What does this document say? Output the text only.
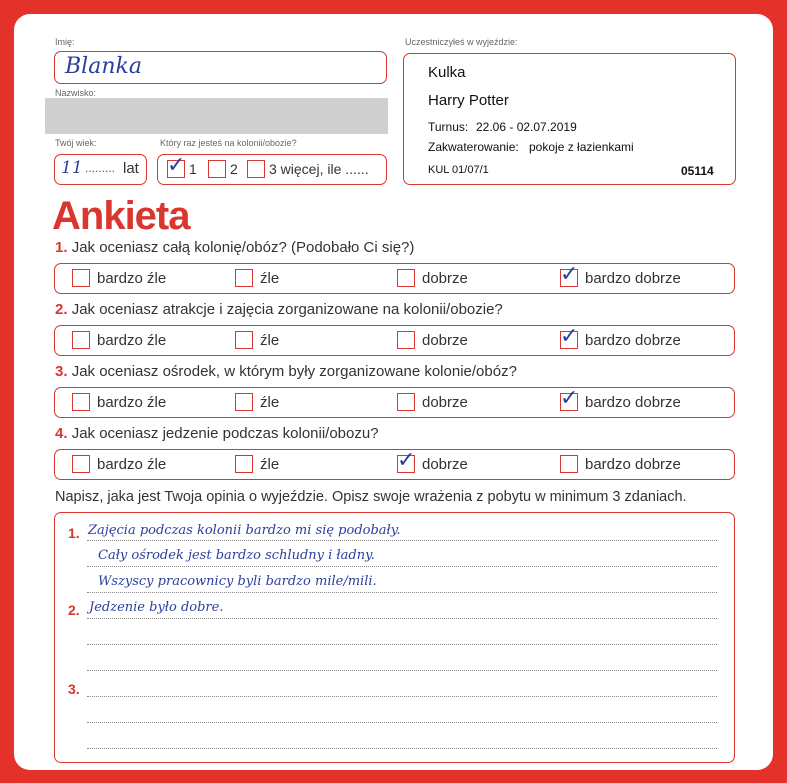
Imię:
Blanka
Nazwisko:
Twój wiek:
11 ......... lat
Który raz jesteś na kolonii/obozie?
✓ 1 2 3 więcej, ile ......
Uczestniczyłeś w wyjeździe:
Kulka
Harry Potter
Turnus: 22.06 - 02.07.2019
Zakwaterowanie: pokoje z łazienkami
KUL 01/07/1	05114
Ankieta
1. Jak oceniasz całą kolonię/obóz? (Podobało Ci się?)
bardzo źle	źle	dobrze	✓ bardzo dobrze
2. Jak oceniasz atrakcje i zajęcia zorganizowane na kolonii/obozie?
bardzo źle	źle	dobrze	✓ bardzo dobrze
3. Jak oceniasz ośrodek, w którym były zorganizowane kolonie/obóz?
bardzo źle	źle	dobrze	✓ bardzo dobrze
4. Jak oceniasz jedzenie podczas kolonii/obozu?
bardzo źle	źle	✓ dobrze	bardzo dobrze
Napisz, jaka jest Twoja opinia o wyjeździe. Opisz swoje wrażenia z pobytu w minimum 3 zdaniach.
1.
2.
3.
Zajęcia podczas kolonii bardzo mi się podobały.
Cały ośrodek jest bardzo schludny i ładny.
Wszyscy pracownicy byli bardzo mile/mili.
Jedzenie było dobre.
